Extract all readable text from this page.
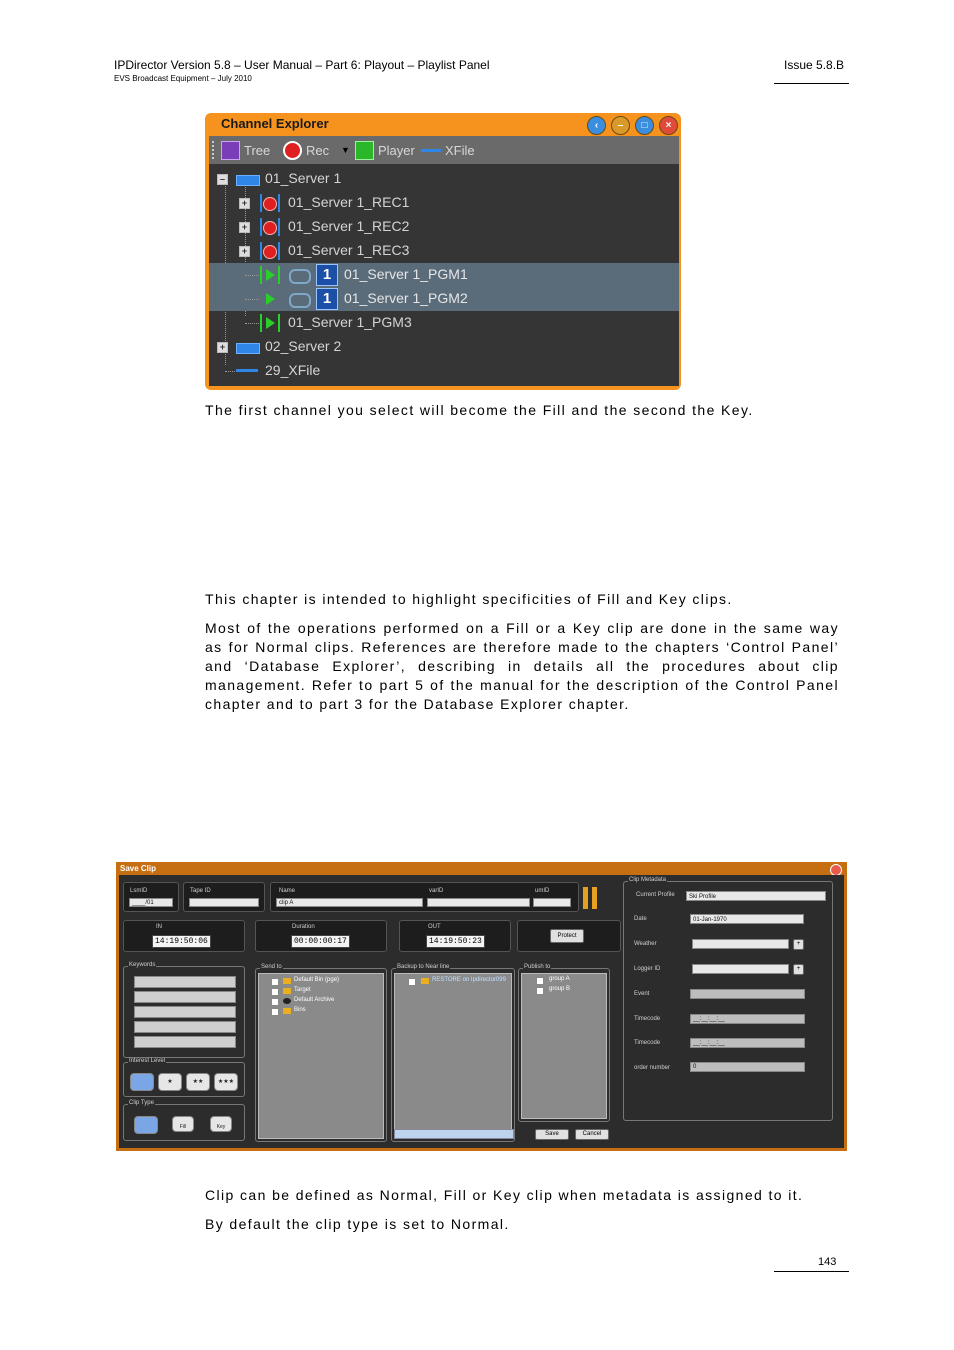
IPDirector Version 5.8 – User Manual – Part 6: Playout – Playlist Panel
EVS Broadcast Equipment – July 2010
Issue 5.8.B
Channel Explorer	‹	–	□	×
Tree	Rec ▼ Player XFile
–	01_Server 1
+	01_Server 1_REC1
+	01_Server 1_REC2
+	01_Server 1_REC3
1 01_Server 1_PGM1
1 01_Server 1_PGM2
01_Server 1_PGM3
+	02_Server 2
29_XFile
The first channel you select will become the Fill and the second the Key.
This chapter is intended to highlight specificities of Fill and Key clips.
Most of the operations performed on a Fill or a Key clip are done in the same way as for Normal clips. References are therefore made to the chapters ‘Control Panel’ and ‘Database Explorer’, describing in details all the procedures about clip management. Refer to part 5 of the manual for the description of the Control Panel chapter and to part 3 for the Database Explorer chapter.
Save Clip
LsmID
____/01
Tape ID	Name
clip A
varID	umID
IN
14:19:50:06
Duration
00:00:00:17
OUT
14:19:50:23
Protect
Keywords
Interest Level
★	★★	★★★
Clip Type
Fill	Key
Send to
Default Bin (pge)
Target
Default Archive
Bins
Backup to Near line
RESTORE on Ipdirector099
Publish to
group A
group B
Save	Cancel
Clip Metadata
Current Profile	Ski Profile
Date	01-Jan-1970
Weather	+
Logger ID	+
Event
Timecode	__:__:__:__
Timecode	__:__:__:__
order number	0
Clip can be defined as Normal, Fill or Key clip when metadata is assigned to it.
By default the clip type is set to Normal.
143
